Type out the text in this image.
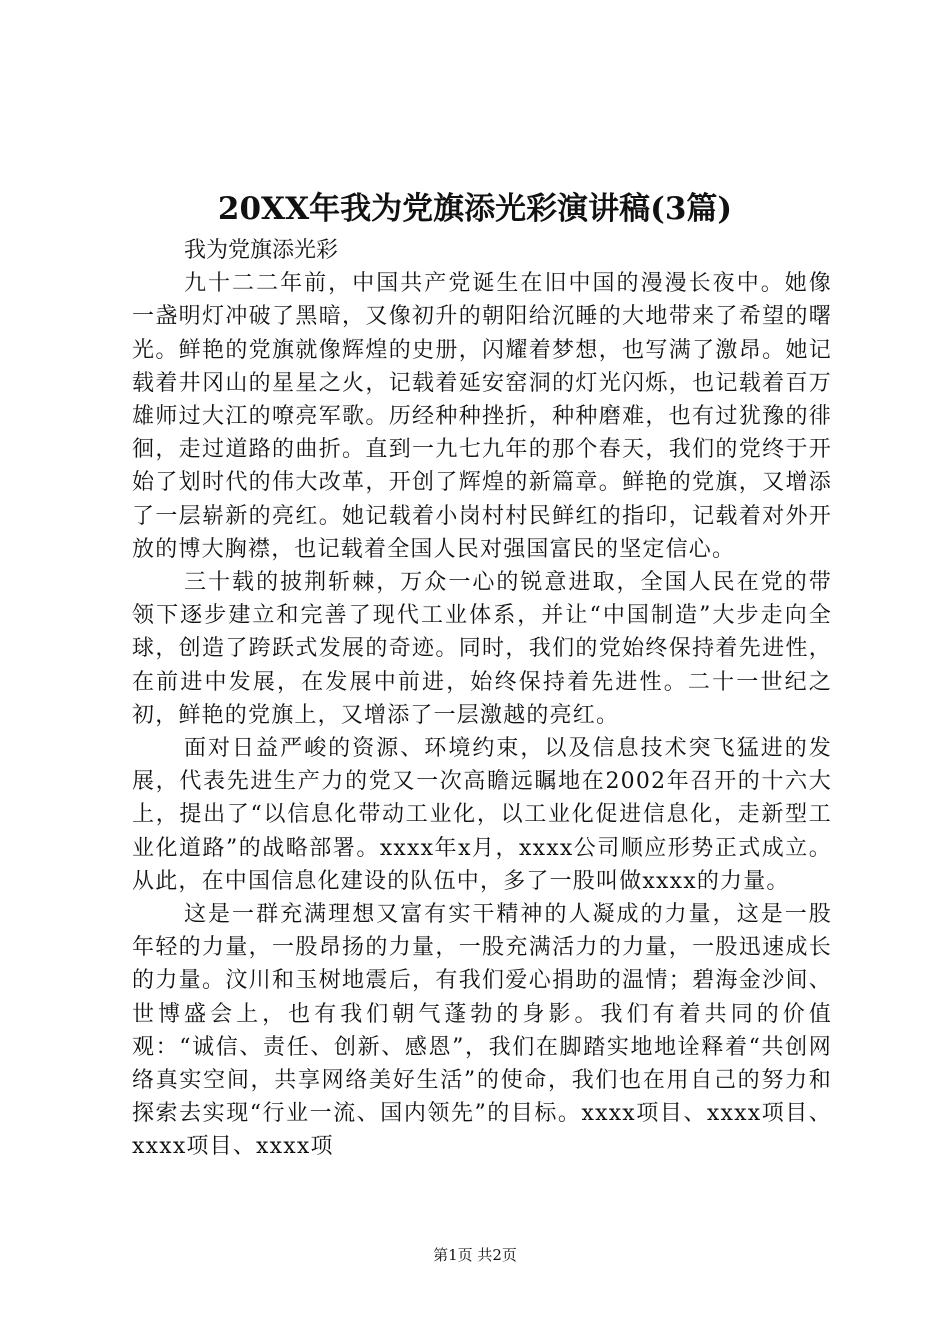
20XX年我为党旗添光彩演讲稿(3篇)

我为党旗添光彩

九十二二年前，中国共产党诞生在旧中国的漫漫长夜中。她像一盏明灯冲破了黑暗，又像初升的朝阳给沉睡的大地带来了希望的曙光。鲜艳的党旗就像辉煌的史册，闪耀着梦想，也写满了激昂。她记载着井冈山的星星之火，记载着延安窑洞的灯光闪烁，也记载着百万雄师过大江的嘹亮军歌。历经种种挫折，种种磨难，也有过犹豫的徘徊，走过道路的曲折。直到一九七九年的那个春天，我们的党终于开始了划时代的伟大改革，开创了辉煌的新篇章。鲜艳的党旗，又增添了一层崭新的亮红。她记载着小岗村村民鲜红的指印，记载着对外开放的博大胸襟，也记载着全国人民对强国富民的坚定信心。

三十载的披荆斩棘，万众一心的锐意进取，全国人民在党的带领下逐步建立和完善了现代工业体系，并让“中国制造”大步走向全球，创造了跨跃式发展的奇迹。同时，我们的党始终保持着先进性，在前进中发展，在发展中前进，始终保持着先进性。二十一世纪之初，鲜艳的党旗上，又增添了一层激越的亮红。

面对日益严峻的资源、环境约束，以及信息技术突飞猛进的发展，代表先进生产力的党又一次高瞻远瞩地在2002年召开的十六大上，提出了“以信息化带动工业化，以工业化促进信息化，走新型工业化道路”的战略部署。xxxx年x月，xxxx公司顺应形势正式成立。从此，在中国信息化建设的队伍中，多了一股叫做xxxx的力量。

这是一群充满理想又富有实干精神的人凝成的力量，这是一股年轻的力量，一股昂扬的力量，一股充满活力的力量，一股迅速成长的力量。汶川和玉树地震后，有我们爱心捐助的温情；碧海金沙间、世博盛会上，也有我们朝气蓬勃的身影。我们有着共同的价值观：“诚信、责任、创新、感恩”，我们在脚踏实地地诠释着“共创网络真实空间，共享网络美好生活”的使命，我们也在用自己的努力和探索去实现“行业一流、国内领先”的目标。xxxx项目、xxxx项目、xxxx项目、xxxx项

第1页 共2页
